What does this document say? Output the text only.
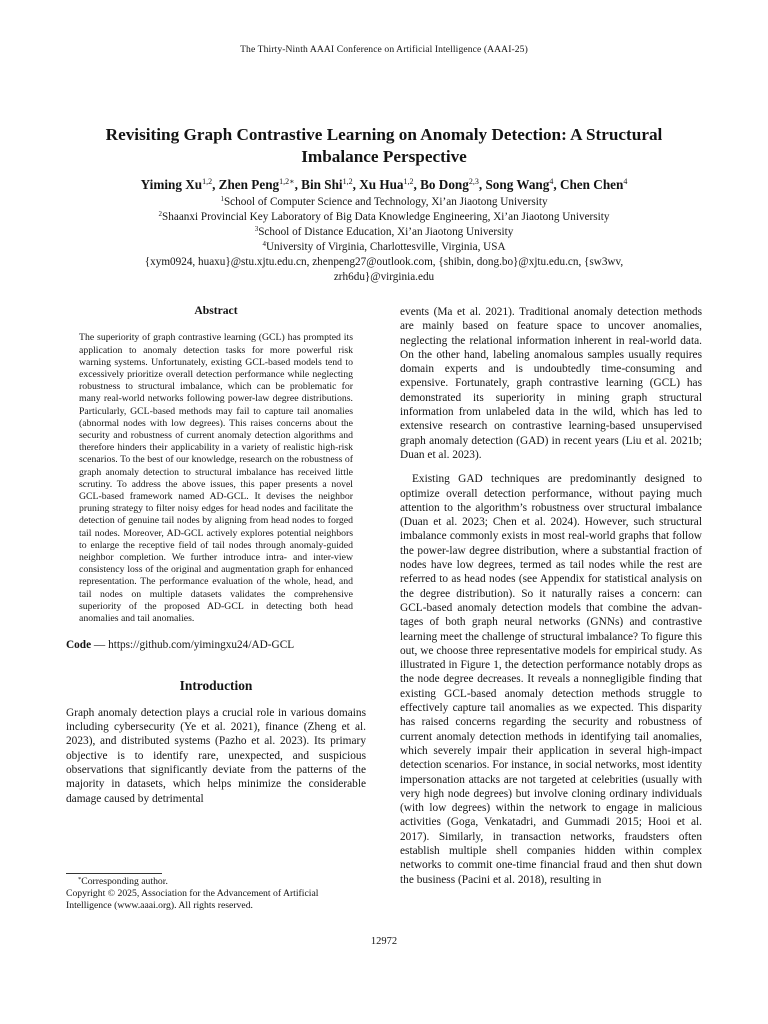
The Thirty-Ninth AAAI Conference on Artificial Intelligence (AAAI-25)
Revisiting Graph Contrastive Learning on Anomaly Detection: A Structural
Imbalance Perspective
Yiming Xu$^{1,2}$, Zhen Peng$^{1,2∗}$, Bin Shi$^{1,2}$, Xu Hua$^{1,2}$, Bo Dong$^{2,3}$, Song Wang$^4$, Chen Chen$^4$
$^1$School of Computer Science and Technology, Xi’an Jiaotong University
$^2$Shaanxi Provincial Key Laboratory of Big Data Knowledge Engineering, Xi’an Jiaotong University
$^3$School of Distance Education, Xi’an Jiaotong University
$^4$University of Virginia, Charlottesville, Virginia, USA
{xym0924, huaxu}@stu.xjtu.edu.cn, zhenpeng27@outlook.com, {shibin, dong.bo}@xjtu.edu.cn, {sw3wv,
zrh6du}@virginia.edu
Abstract
The superiority of graph contrastive learning (GCL) has prompted its application to anomaly detection tasks for more powerful risk warning systems. Unfortunately, existing GCL-based models tend to excessively prioritize overall detection performance while neglecting robustness to structural imbalance, which can be problematic for many real-world networks following power-law degree distributions. Particularly, GCL-based methods may fail to capture tail anomalies (abnormal nodes with low degrees). This raises concerns about the security and robustness of current anomaly detection algorithms and therefore hinders their applicability in a variety of realistic high-risk scenarios. To the best of our knowledge, research on the robustness of graph anomaly detection to structural imbalance has received little scrutiny. To address the above issues, this paper presents a novel GCL-based framework named AD-GCL. It devises the neighbor pruning strategy to filter noisy edges for head nodes and facilitate the detection of genuine tail nodes by aligning from head nodes to forged tail nodes. Moreover, AD-GCL actively explores potential neighbors to enlarge the receptive field of tail nodes through anomaly-guided neighbor completion. We further introduce intra- and inter-view consistency loss of the original and augmentation graph for enhanced representation. The performance evaluation of the whole, head, and tail nodes on multiple datasets validates the comprehensive superiority of the proposed AD-GCL in detecting both head anomalies and tail anomalies.
Code — https://github.com/yimingxu24/AD-GCL
Introduction

Graph anomaly detection plays a crucial role in various domains including cybersecurity (Ye et al. 2021), finance (Zheng et al. 2023), and distributed systems (Pazho et al. 2023). Its primary objective is to identify rare, unexpected, and suspicious observations that significantly deviate from the patterns of the majority in datasets, which helps minimize the considerable damage caused by detrimental

*Corresponding author.
Copyright © 2025, Association for the Advancement of Artificial Intelligence (www.aaai.org). All rights reserved.

events (Ma et al. 2021). Traditional anomaly detection methods are mainly based on feature space to uncover anomalies, neglecting the relational information inherent in real-world data. On the other hand, labeling anomalous samples usually requires domain experts and is undoubtedly time-consuming and expensive. Fortunately, graph contrastive learning (GCL) has demonstrated its superiority in mining graph structural information from unlabeled data in the wild, which has led to extensive research on contrastive learning-based unsupervised graph anomaly detection (GAD) in recent years (Liu et al. 2021b; Duan et al. 2023).

Existing GAD techniques are predominantly designed to optimize overall detection performance, without paying much attention to the algorithm’s robustness over structural imbalance (Duan et al. 2023; Chen et al. 2024). However, such structural imbalance commonly exists in most real-world graphs that follow the power-law degree distribution, where a substantial fraction of nodes have low degrees, termed as tail nodes while the rest are referred to as head nodes (see Appendix for statistical analysis on the degree distribution). So it naturally raises a concern: can GCL-based anomaly detection models that combine the advantages of both graph neural networks (GNNs) and contrastive learning meet the challenge of structural imbalance? To figure this out, we choose three representative models for empirical study. As illustrated in Figure 1, the detection performance notably drops as the node degree decreases. It reveals a nonnegligible finding that existing GCL-based anomaly detection methods struggle to effectively capture tail anomalies as we expected. This disparity has raised concerns regarding the security and robustness of current anomaly detection methods in identifying tail anomalies, which severely impair their application in several high-impact detection scenarios. For instance, in social networks, most identity impersonation attacks are not targeted at celebrities (usually with very high node degrees) but involve cloning ordinary individuals (with low degrees) within the network to engage in malicious activities (Goga, Venkatadri, and Gummadi 2015; Hooi et al. 2017). Similarly, in transaction networks, fraudsters often establish multiple shell companies hidden within complex networks to commit one-time financial fraud and then shut down the business (Pacini et al. 2018), resulting in

12972
